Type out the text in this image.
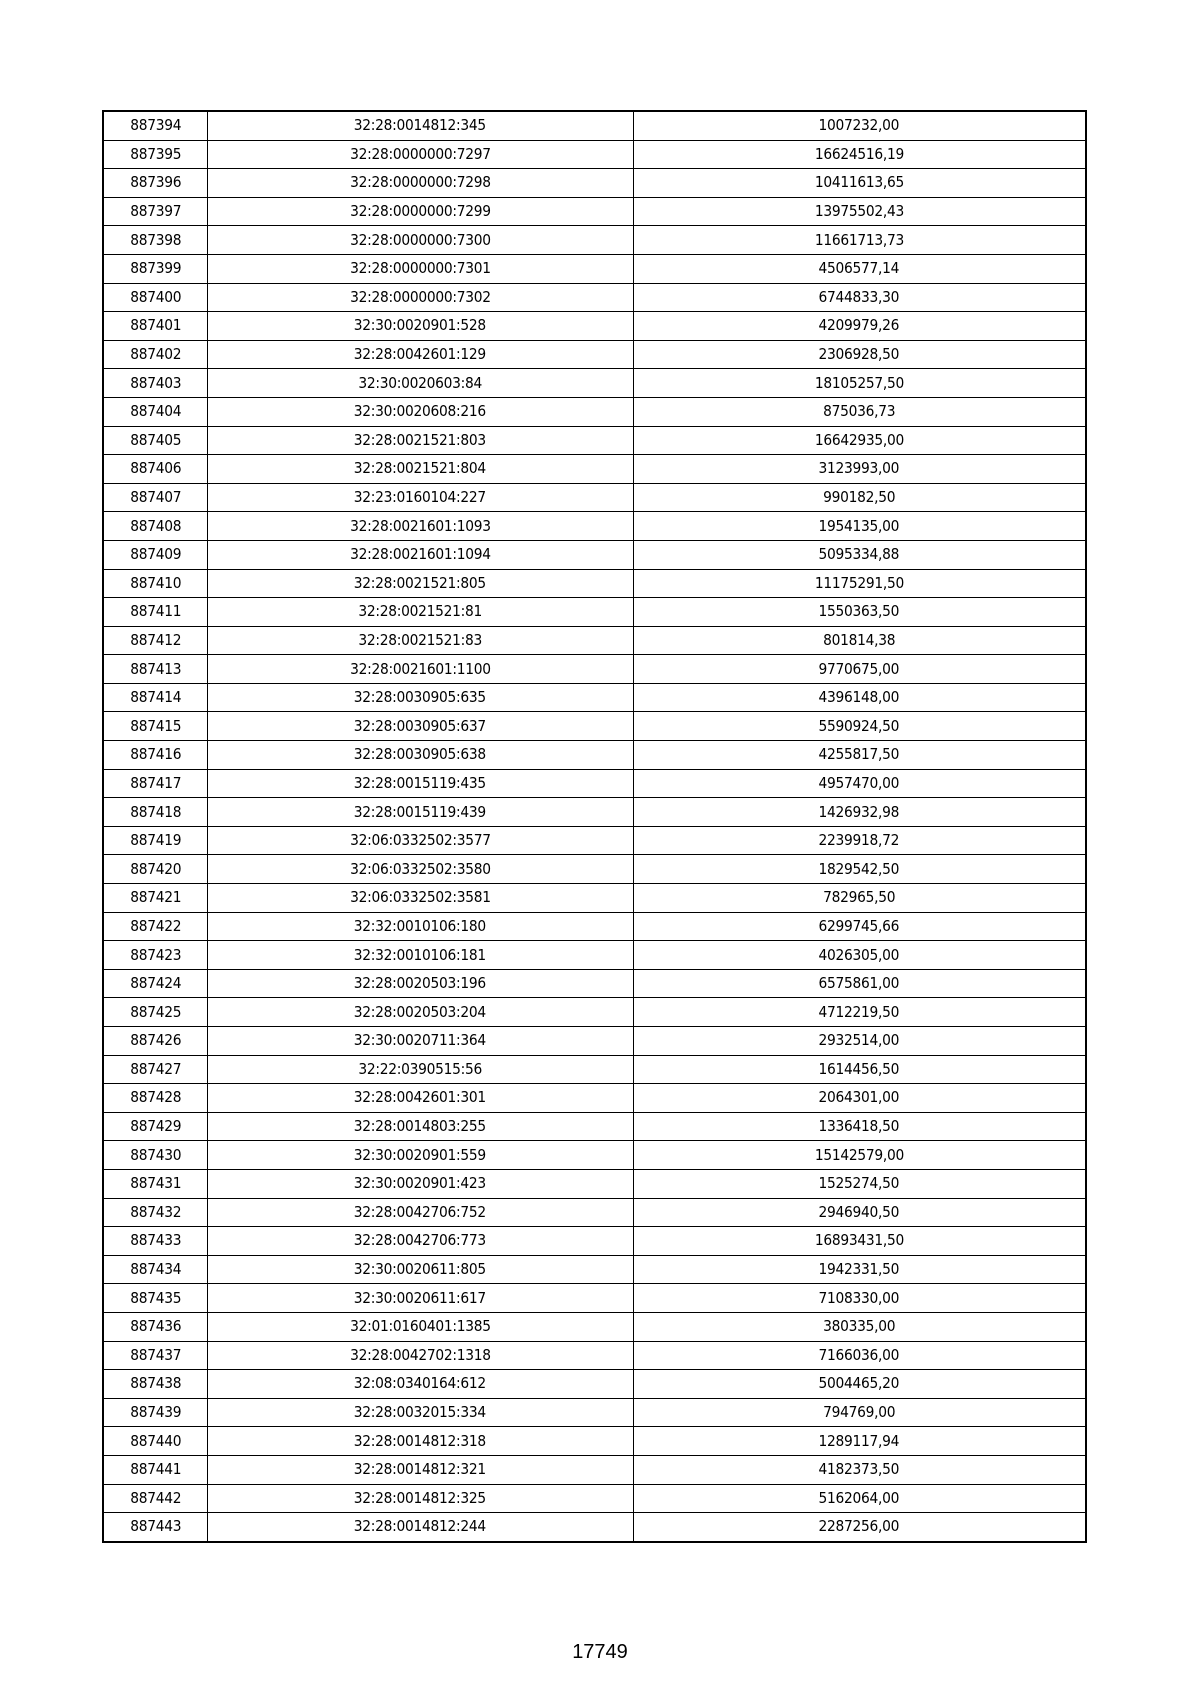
887394	32:28:0014812:345	1007232,00
887395	32:28:0000000:7297	16624516,19
887396	32:28:0000000:7298	10411613,65
887397	32:28:0000000:7299	13975502,43
887398	32:28:0000000:7300	11661713,73
887399	32:28:0000000:7301	4506577,14
887400	32:28:0000000:7302	6744833,30
887401	32:30:0020901:528	4209979,26
887402	32:28:0042601:129	2306928,50
887403	32:30:0020603:84	18105257,50
887404	32:30:0020608:216	875036,73
887405	32:28:0021521:803	16642935,00
887406	32:28:0021521:804	3123993,00
887407	32:23:0160104:227	990182,50
887408	32:28:0021601:1093	1954135,00
887409	32:28:0021601:1094	5095334,88
887410	32:28:0021521:805	11175291,50
887411	32:28:0021521:81	1550363,50
887412	32:28:0021521:83	801814,38
887413	32:28:0021601:1100	9770675,00
887414	32:28:0030905:635	4396148,00
887415	32:28:0030905:637	5590924,50
887416	32:28:0030905:638	4255817,50
887417	32:28:0015119:435	4957470,00
887418	32:28:0015119:439	1426932,98
887419	32:06:0332502:3577	2239918,72
887420	32:06:0332502:3580	1829542,50
887421	32:06:0332502:3581	782965,50
887422	32:32:0010106:180	6299745,66
887423	32:32:0010106:181	4026305,00
887424	32:28:0020503:196	6575861,00
887425	32:28:0020503:204	4712219,50
887426	32:30:0020711:364	2932514,00
887427	32:22:0390515:56	1614456,50
887428	32:28:0042601:301	2064301,00
887429	32:28:0014803:255	1336418,50
887430	32:30:0020901:559	15142579,00
887431	32:30:0020901:423	1525274,50
887432	32:28:0042706:752	2946940,50
887433	32:28:0042706:773	16893431,50
887434	32:30:0020611:805	1942331,50
887435	32:30:0020611:617	7108330,00
887436	32:01:0160401:1385	380335,00
887437	32:28:0042702:1318	7166036,00
887438	32:08:0340164:612	5004465,20
887439	32:28:0032015:334	794769,00
887440	32:28:0014812:318	1289117,94
887441	32:28:0014812:321	4182373,50
887442	32:28:0014812:325	5162064,00
887443	32:28:0014812:244	2287256,00
17749
